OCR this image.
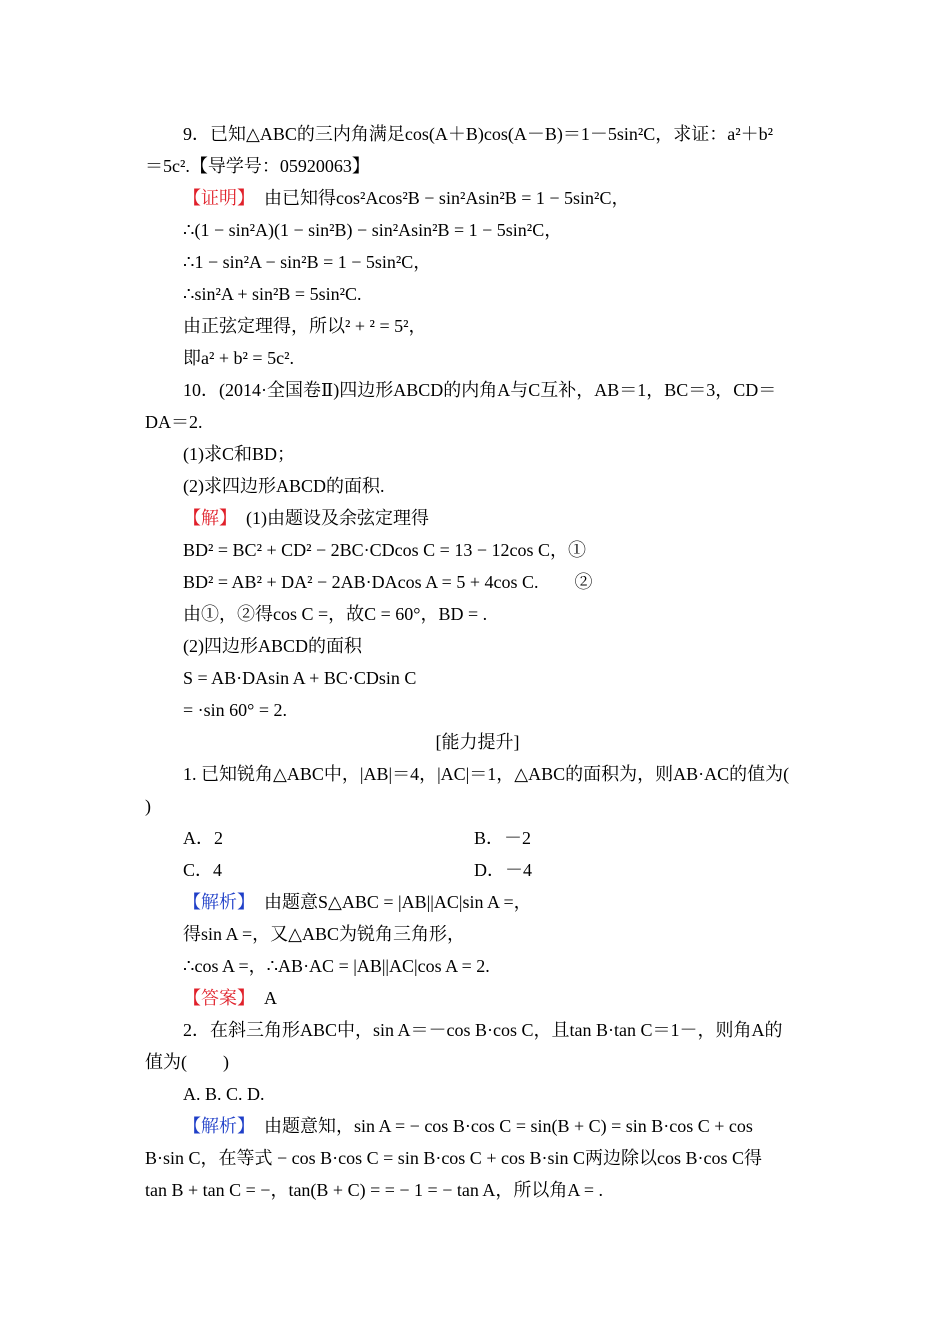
9．已知△ABC的三内角满足cos(A＋B)cos(A－B)＝1－5sin²C，求证：a²＋b²
＝5c².【导学号：05920063】
【证明】　 由已知得cos²Acos²B − sin²Asin²B = 1 − 5sin²C，
∴(1 − sin²A)(1 − sin²B) − sin²Asin²B = 1 − 5sin²C，
∴1 − sin²A − sin²B = 1 − 5sin²C，
∴sin²A + sin²B = 5sin²C.
由正弦定理得，所以² + ² = 5²，
即a² + b² = 5c².
10．(2014·全国卷Ⅱ)四边形ABCD的内角A与C互补，AB＝1，BC＝3，CD＝
DA＝2.
(1)求C和BD；
(2)求四边形ABCD的面积.
【解】　 (1)由题设及余弦定理得
BD² = BC² + CD² − 2BC·CDcos C = 13 − 12cos C，①
BD² = AB² + DA² − 2AB·DAcos A = 5 + 4cos C.　　②
由①，②得cos C =，故C = 60°，BD = .
(2)四边形ABCD的面积
S = AB·DAsin A + BC·CDsin C
= ·sin 60° = 2.
[能力提升]
1. 已知锐角△ABC中，|AB|＝4，|AC|＝1，△ABC的面积为，则AB·AC的值为(
)
A．2	B．－2
C．4	D．－4
【解析】　 由题意S△ABC = |AB||AC|sin A =，
得sin A =，又△ABC为锐角三角形，
∴cos A =，∴AB·AC = |AB||AC|cos A = 2.
【答案】　 A
2．在斜三角形ABC中，sin A＝－cos B·cos C，且tan B·tan C＝1－，则角A的
值为(　　)
A. B. C. D.
【解析】　 由题意知，sin A = − cos B·cos C = sin(B + C) = sin B·cos C + cos
B·sin C，在等式 − cos B·cos C = sin B·cos C + cos B·sin C两边除以cos B·cos C得
tan B + tan C = −，tan(B + C) = = − 1 = − tan A，所以角A = .
